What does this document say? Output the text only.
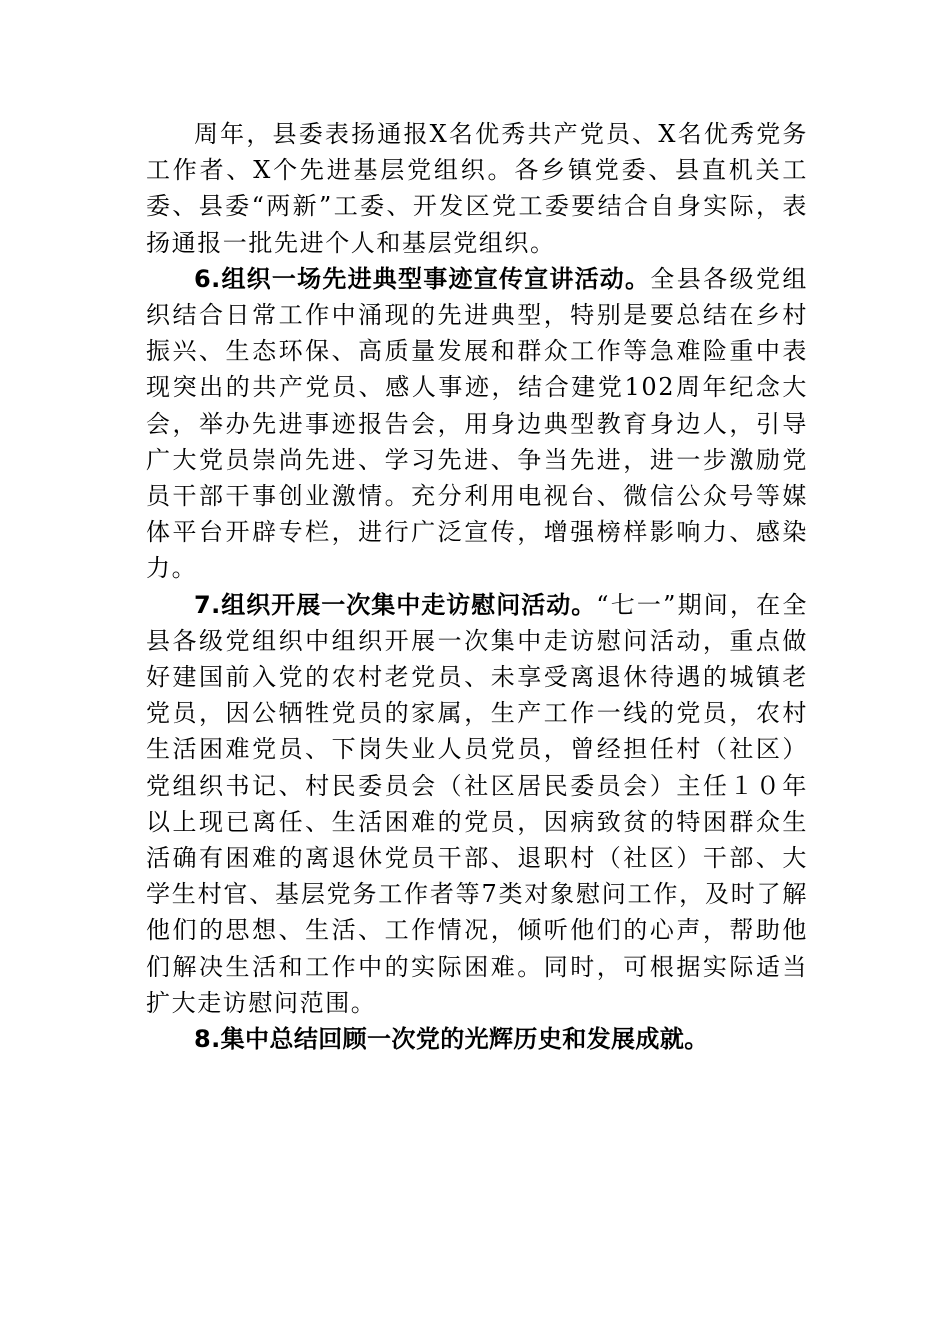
周年，县委表扬通报X名优秀共产党员、X名优秀党务工作者、X个先进基层党组织。各乡镇党委、县直机关工委、县委“两新”工委、开发区党工委要结合自身实际，表扬通报一批先进个人和基层党组织。

6.组织一场先进典型事迹宣传宣讲活动。全县各级党组织结合日常工作中涌现的先进典型，特别是要总结在乡村振兴、生态环保、高质量发展和群众工作等急难险重中表现突出的共产党员、感人事迹，结合建党102周年纪念大会，举办先进事迹报告会，用身边典型教育身边人，引导广大党员崇尚先进、学习先进、争当先进，进一步激励党员干部干事创业激情。充分利用电视台、微信公众号等媒体平台开辟专栏，进行广泛宣传，增强榜样影响力、感染力。

7.组织开展一次集中走访慰问活动。“七一”期间，在全县各级党组织中组织开展一次集中走访慰问活动，重点做好建国前入党的农村老党员、未享受离退休待遇的城镇老党员，因公牺牲党员的家属，生产工作一线的党员，农村生活困难党员、下岗失业人员党员，曾经担任村（社区）党组织书记、村民委员会（社区居民委员会）主任１０年以上现已离任、生活困难的党员，因病致贫的特困群众生活确有困难的离退休党员干部、退职村（社区）干部、大学生村官、基层党务工作者等7类对象慰问工作，及时了解他们的思想、生活、工作情况，倾听他们的心声，帮助他们解决生活和工作中的实际困难。同时，可根据实际适当扩大走访慰问范围。

8.集中总结回顾一次党的光辉历史和发展成就。
